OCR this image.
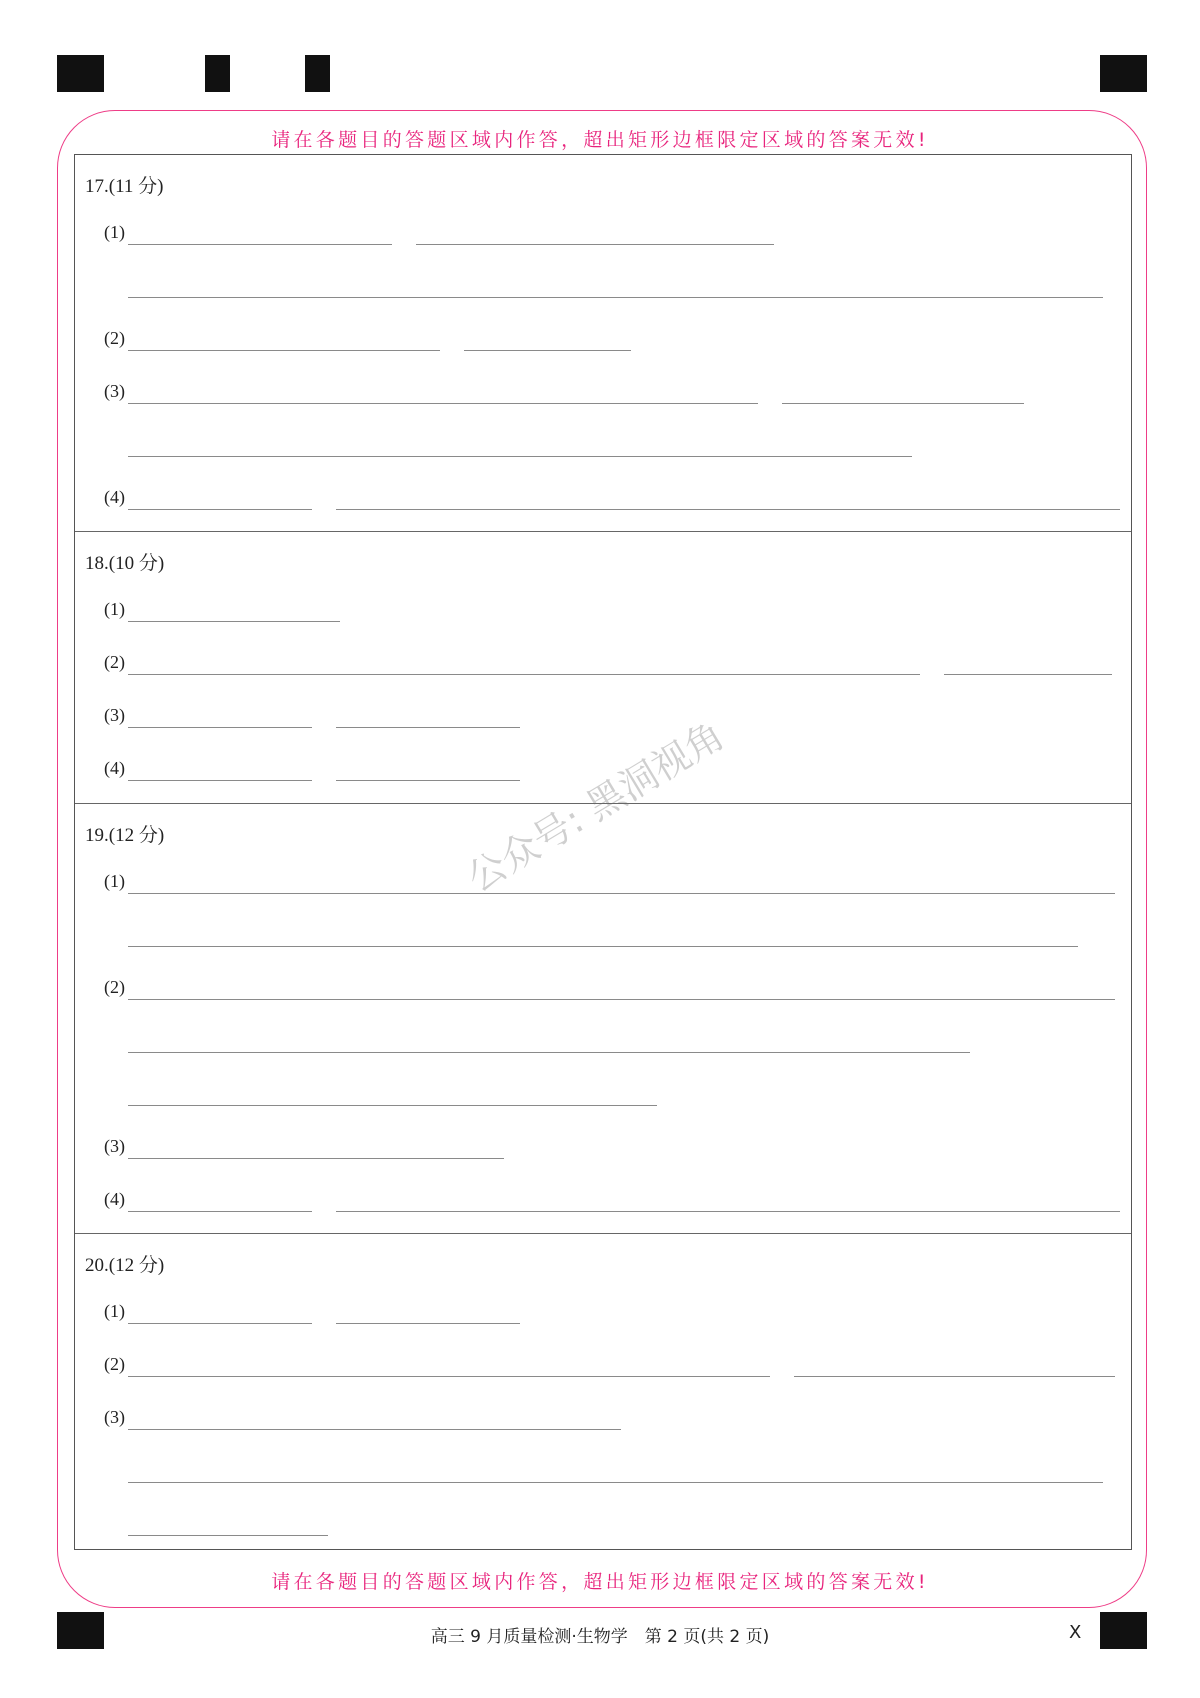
请在各题目的答题区域内作答，超出矩形边框限定区域的答案无效!
17.(11 分)
(1)
(2)
(3)
(4)
18.(10 分)
(1)
(2)
(3)
(4)
19.(12 分)
(1)
(2)
(3)
(4)
20.(12 分)
(1)
(2)
(3)
请在各题目的答题区域内作答，超出矩形边框限定区域的答案无效!
公众号: 黑洞视角
高三 9 月质量检测·生物学　第 2 页(共 2 页)	X
